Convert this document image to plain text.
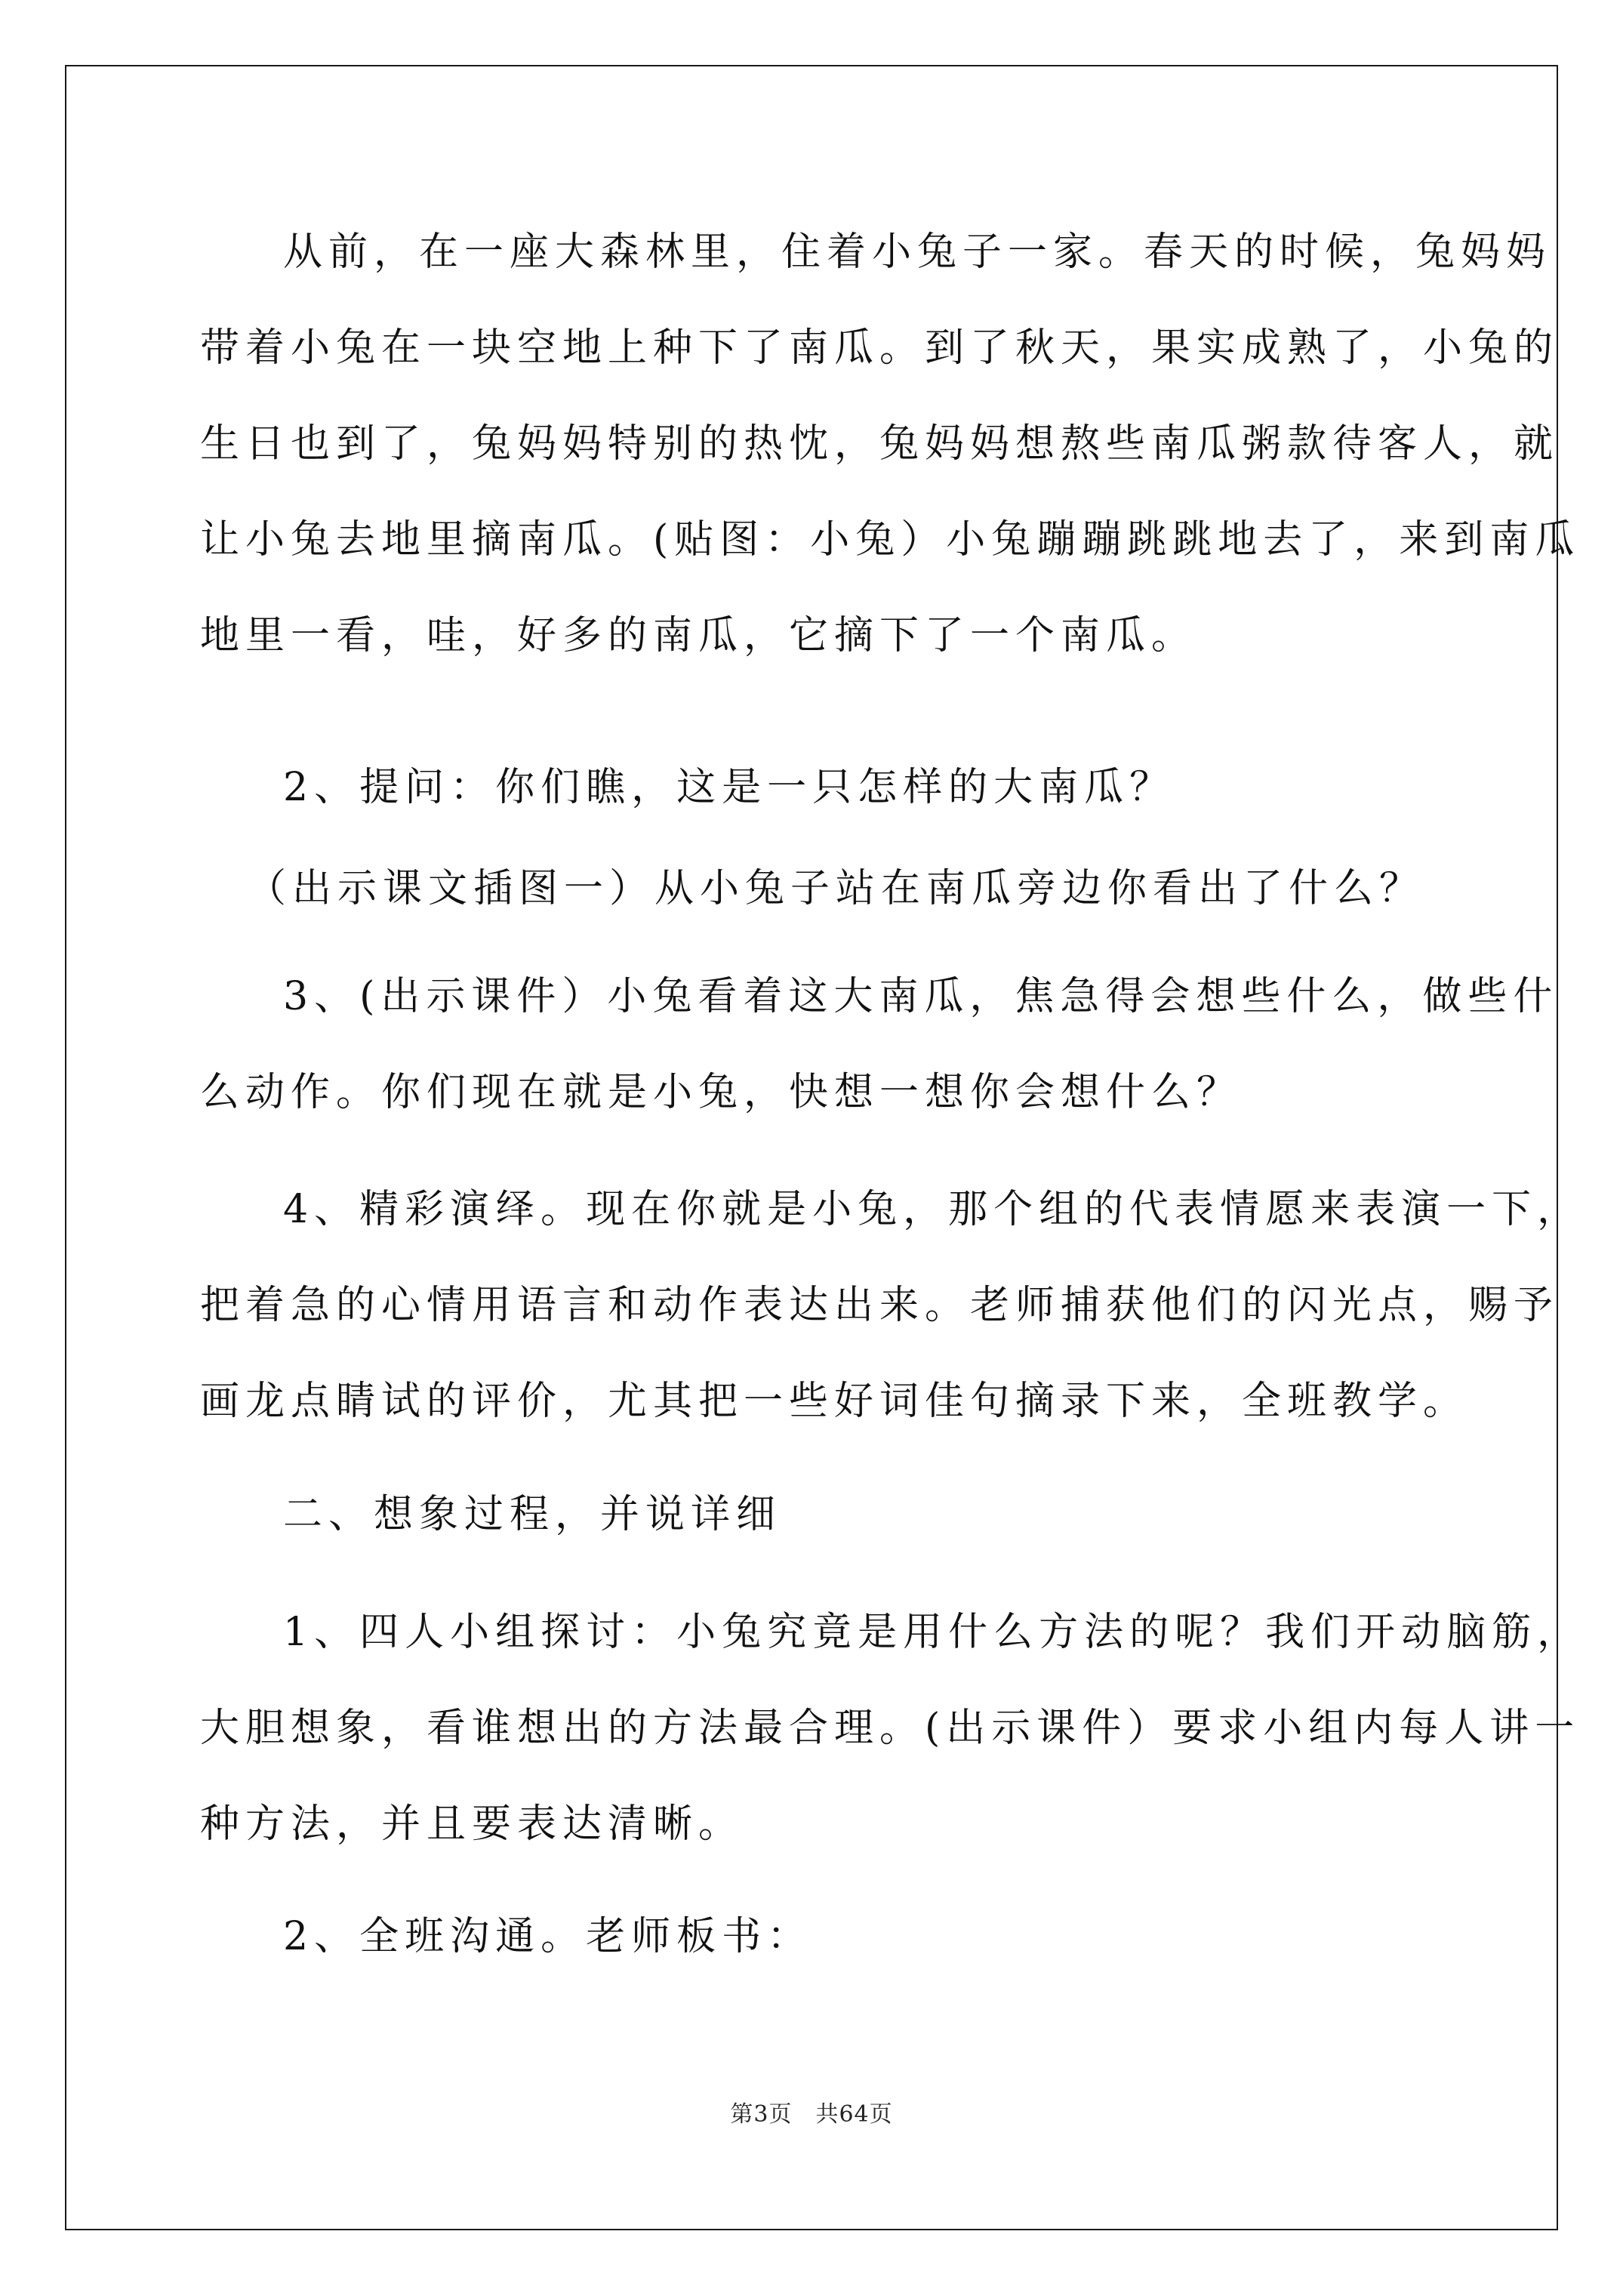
从前，在一座大森林里，住着小兔子一家。春天的时候，兔妈妈
带着小兔在一块空地上种下了南瓜。到了秋天，果实成熟了，小兔的
生日也到了，兔妈妈特别的热忱，兔妈妈想熬些南瓜粥款待客人，就
让小兔去地里摘南瓜。(贴图：小兔）小兔蹦蹦跳跳地去了，来到南瓜
地里一看，哇，好多的南瓜，它摘下了一个南瓜。
2、提问：你们瞧，这是一只怎样的大南瓜？
（出示课文插图一）从小兔子站在南瓜旁边你看出了什么？
3、(出示课件）小兔看着这大南瓜，焦急得会想些什么，做些什
么动作。你们现在就是小兔，快想一想你会想什么？
4、精彩演绎。现在你就是小兔，那个组的代表情愿来表演一下，
把着急的心情用语言和动作表达出来。老师捕获他们的闪光点，赐予
画龙点睛试的评价，尤其把一些好词佳句摘录下来，全班教学。
二、想象过程，并说详细
1、四人小组探讨：小兔究竟是用什么方法的呢？我们开动脑筋，
大胆想象，看谁想出的方法最合理。(出示课件）要求小组内每人讲一
种方法，并且要表达清晰。
2、全班沟通。老师板书：
第3页　共64页
